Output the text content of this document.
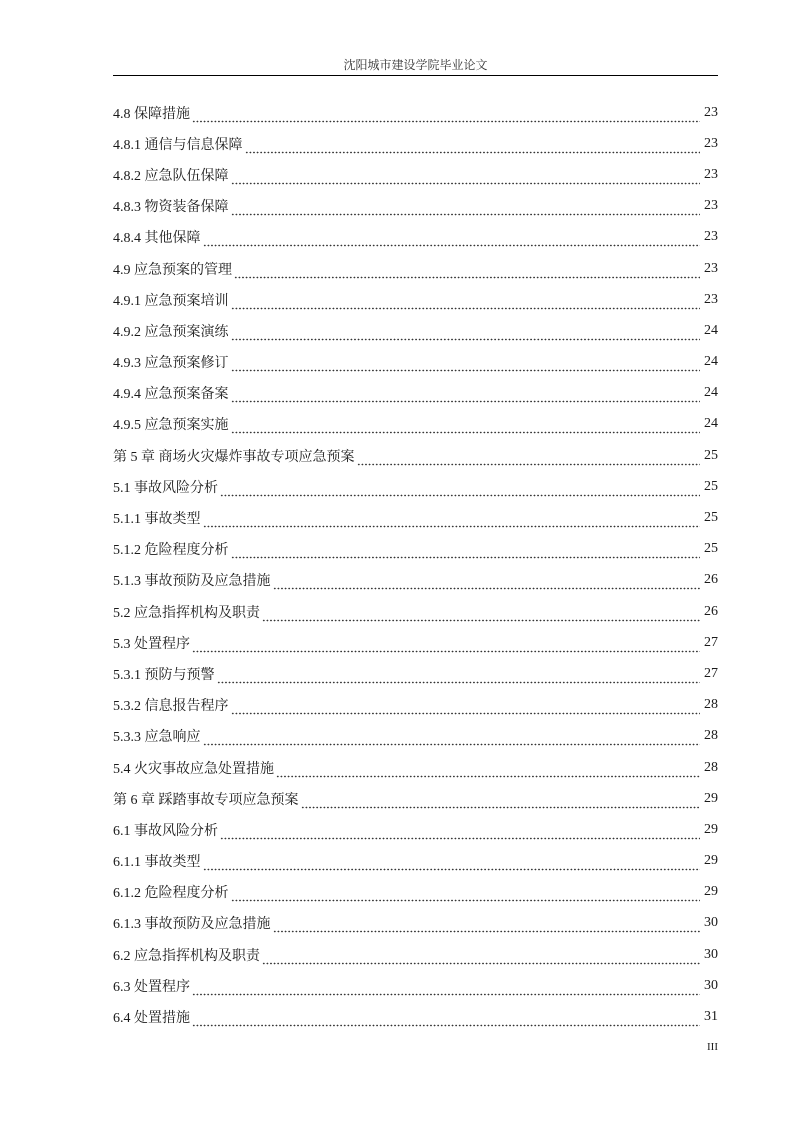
沈阳城市建设学院毕业论文
4.8 保障措施	23
4.8.1 通信与信息保障	23
4.8.2 应急队伍保障	23
4.8.3 物资装备保障	23
4.8.4 其他保障	23
4.9 应急预案的管理	23
4.9.1 应急预案培训	23
4.9.2 应急预案演练	24
4.9.3 应急预案修订	24
4.9.4 应急预案备案	24
4.9.5 应急预案实施	24
第 5 章 商场火灾爆炸事故专项应急预案	25
5.1 事故风险分析	25
5.1.1 事故类型	25
5.1.2 危险程度分析	25
5.1.3 事故预防及应急措施	26
5.2 应急指挥机构及职责	26
5.3 处置程序	27
5.3.1 预防与预警	27
5.3.2 信息报告程序	28
5.3.3 应急响应	28
5.4 火灾事故应急处置措施	28
第 6 章 踩踏事故专项应急预案	29
6.1 事故风险分析	29
6.1.1 事故类型	29
6.1.2 危险程度分析	29
6.1.3 事故预防及应急措施	30
6.2 应急指挥机构及职责	30
6.3 处置程序	30
6.4 处置措施	31
III
